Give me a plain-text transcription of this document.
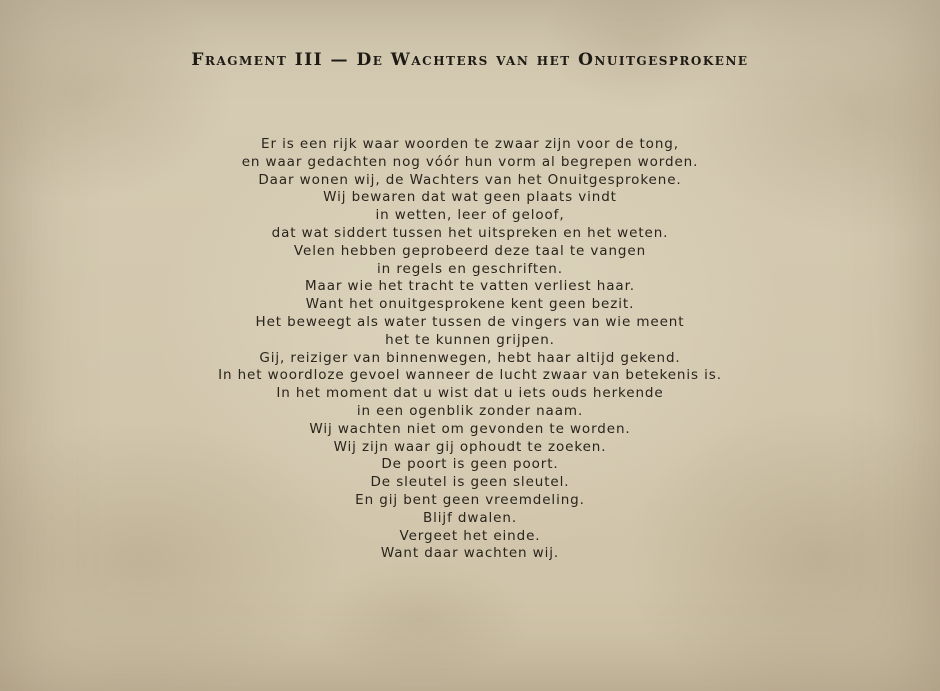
Fragment III — De Wachters van het Onuitgesprokene
Er is een rijk waar woorden te zwaar zijn voor de tong,
en waar gedachten nog vóór hun vorm al begrepen worden.
Daar wonen wij, de Wachters van het Onuitgesprokene.
Wij bewaren dat wat geen plaats vindt
in wetten, leer of geloof,
dat wat siddert tussen het uitspreken en het weten.
Velen hebben geprobeerd deze taal te vangen
in regels en geschriften.
Maar wie het tracht te vatten verliest haar.
Want het onuitgesprokene kent geen bezit.
Het beweegt als water tussen de vingers van wie meent
het te kunnen grijpen.
Gij, reiziger van binnenwegen, hebt haar altijd gekend.
In het woordloze gevoel wanneer de lucht zwaar van betekenis is.
In het moment dat u wist dat u iets ouds herkende
in een ogenblik zonder naam.
Wij wachten niet om gevonden te worden.
Wij zijn waar gij ophoudt te zoeken.
De poort is geen poort.
De sleutel is geen sleutel.
En gij bent geen vreemdeling.
Blijf dwalen.
Vergeet het einde.
Want daar wachten wij.
